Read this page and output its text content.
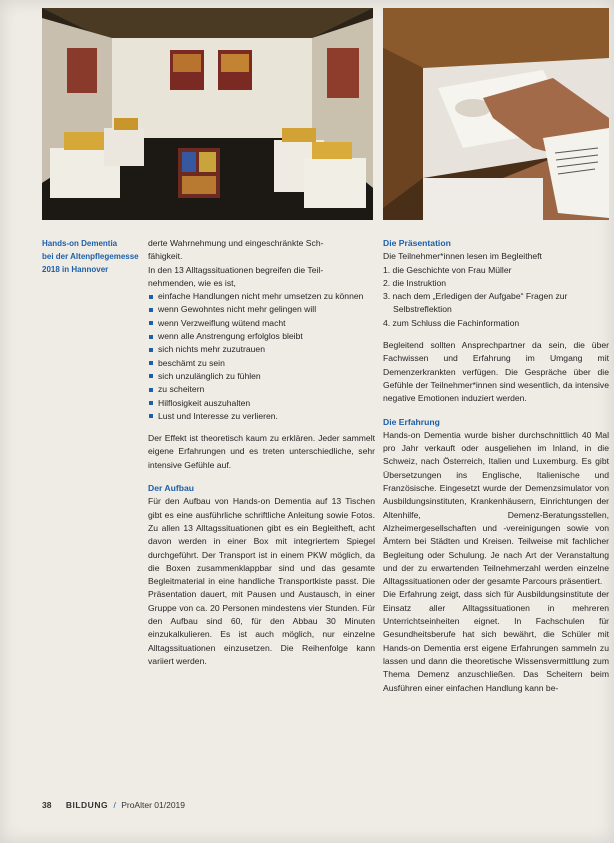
Hands-on Dementia
bei der Altenpflegemesse
2018 in Hannover

derte Wahrnehmung und eingeschränkte Sch-

fähigkeit.

In den 13 Alltagssituationen begreifen die Teil-

nehmenden, wie es ist,

einfache Handlungen nicht mehr umsetzen zu können
wenn Gewohntes nicht mehr gelingen will
wenn Verzweiflung wütend macht
wenn alle Anstrengung erfolglos bleibt
sich nichts mehr zuzutrauen
beschämt zu sein
sich unzulänglich zu fühlen
zu scheitern
Hilflosigkeit auszuhalten
Lust und Interesse zu verlieren.

Der Effekt ist theoretisch kaum zu erklären. Jeder sammelt eigene Erfahrungen und es treten unterschiedliche, sehr intensive Gefühle auf.

Der Aufbau

Für den Aufbau von Hands-on Dementia auf 13 Tischen gibt es eine ausführliche schriftliche Anleitung sowie Fotos. Zu allen 13 Alltagssituationen gibt es ein Begleitheft, acht davon werden in einer Box mit integriertem Spiegel durchgeführt. Der Transport ist in einem PKW möglich, da die Boxen zusammenklappbar sind und das gesamte Begleitmaterial in eine handliche Transportkiste passt. Die Präsentation dauert, mit Pausen und Austausch, in einer Gruppe von ca. 20 Personen mindestens vier Stunden. Für den Aufbau sind 60, für den Abbau 30 Minuten einzukalkulieren. Es ist auch möglich, nur einzelne Alltagssituationen einzusetzen. Die Reihenfolge kann variiert werden.

Die Präsentation

Die Teilnehmer*innen lesen im Begleitheft

1. die Geschichte von Frau Müller
2. die Instruktion
3. nach dem „Erledigen der Aufgabe“ Fragen zur Selbstreflektion
4. zum Schluss die Fachinformation

Begleitend sollten Ansprechpartner da sein, die über Fachwissen und Erfahrung im Umgang mit Demenzerkrankten verfügen. Die Gespräche über die Gefühle der Teilnehmer*innen sind wesentlich, da intensive negative Emotionen induziert werden.

Die Erfahrung

Hands-on Dementia wurde bisher durchschnittlich 40 Mal pro Jahr verkauft oder ausgeliehen im Inland, in die Schweiz, nach Österreich, Italien und Luxemburg. Es gibt Übersetzungen ins Englische, Italienische und Französische. Eingesetzt wurde der Demenzsimulator von Ausbildungsinstituten, Krankenhäusern, Einrichtungen der Altenhilfe, Demenz-Beratungsstellen, Alzheimergesellschaften und -vereinigungen sowie von Ämtern bei Städten und Kreisen. Teilweise mit fachlicher Begleitung oder Schulung. Je nach Art der Veranstaltung und der zu erwartenden Teilnehmerzahl werden einzelne Alltagssituationen oder der gesamte Parcours präsentiert.

Die Erfahrung zeigt, dass sich für Ausbildungsinstitute der Einsatz aller Alltagssituationen in mehreren Unterrichtseinheiten eignet. In Fachschulen für Gesundheitsberufe hat sich bewährt, die Schüler mit Hands-on Dementia erst eigene Erfahrungen sammeln zu lassen und dann die theoretische Wissensvermittlung zum Thema Demenz anzuschließen. Das Scheitern beim Ausführen einer einfachen Handlung kann be-

38 BILDUNG / ProAlter 01/2019
